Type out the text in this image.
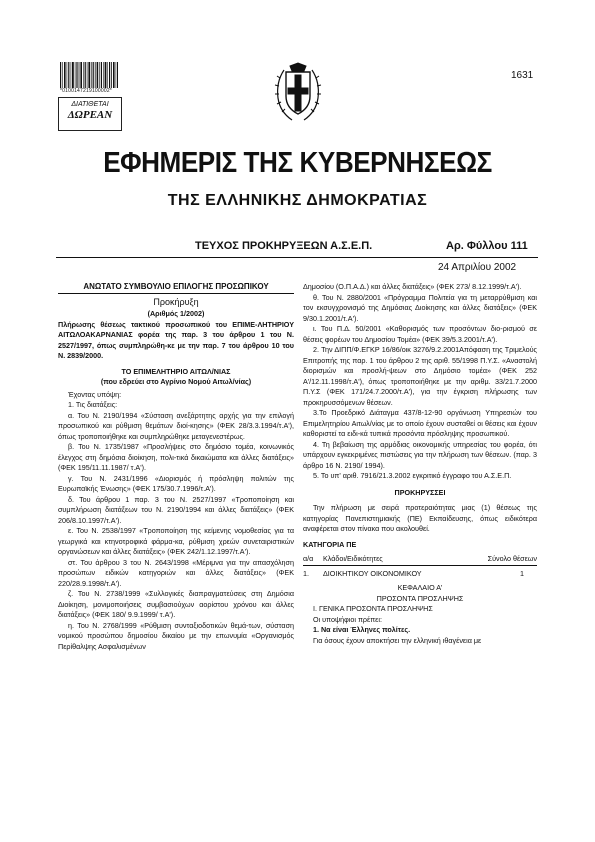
*0100147219100002*
ΔΙΑΤΙΘΕΤΑΙ
ΔΩΡΕΑΝ
1631
ΕΦΗΜΕΡΙΣ ΤΗΣ ΚΥΒΕΡΝΗΣΕΩΣ
ΤΗΣ ΕΛΛΗΝΙΚΗΣ ΔΗΜΟΚΡΑΤΙΑΣ
ΤΕΥΧΟΣ ΠΡΟΚΗΡΥΞΕΩΝ Α.Σ.Ε.Π.	Αρ. Φύλλου 111
24 Απριλίου 2002

ΑΝΩΤΑΤΟ ΣΥΜΒΟΥΛΙΟ ΕΠΙΛΟΓΗΣ ΠΡΟΣΩΠΙΚΟΥ

Προκήρυξη

(Αριθμός 1/2002)

Πλήρωσης θέσεως τακτικού προσωπικού του ΕΠΙΜΕ-ΛΗΤΗΡΙΟΥ ΑΙΤΩΛΟΑΚΑΡΝΑΝΙΑΣ φορέα της παρ. 3 του άρθρου 1 του Ν. 2527/1997, όπως συμπληρώθη-κε με την παρ. 7 του άρθρου 10 του Ν. 2839/2000.

ΤΟ ΕΠΙΜΕΛΗΤΗΡΙΟ ΑΙΤΩΛ/ΝΙΑΣ

(που εδρεύει στο Αγρίνιο Νομού Αιτωλ/νίας)

Έχοντας υπόψη:

1. Τις διατάξεις:

α. Του Ν. 2190/1994 «Σύσταση ανεξάρτητης αρχής για την επιλογή προσωπικού και ρύθμιση θεμάτων διοί-κησης» (ΦΕΚ 28/3.3.1994/τ.Α'), όπως τροποποιήθηκε και συμπληρώθηκε μεταγενεστέρως.

β. Του Ν. 1735/1987 «Προσλήψεις στο δημόσιο τομέα, κοινωνικός έλεγχος στη δημόσια διοίκηση, πολι-τικά δικαιώματα και άλλες διατάξεις» (ΦΕΚ 195/11.11.1987/ τ.Α').

γ. Του Ν. 2431/1996 «Διορισμός ή πρόσληψη πολιτών της Ευρωπαϊκής Ένωσης» (ΦΕΚ 175/30.7.1996/τ.Α').

δ. Του άρθρου 1 παρ. 3 του Ν. 2527/1997 «Τροποποίηση και συμπλήρωση διατάξεων του Ν. 2190/1994 και άλλες διατάξεις» (ΦΕΚ 206/8.10.1997/τ.Α').

ε. Του Ν. 2538/1997 «Τροποποίηση της κείμενης νομοθεσίας για τα γεωργικά και κτηνοτροφικά φάρμα-κα, ρύθμιση χρεών συνεταιριστικών οργανώσεων και άλλες διατάξεις» (ΦΕΚ 242/1.12.1997/τ.Α').

στ. Του άρθρου 3 του Ν. 2643/1998 «Μέριμνα για την απασχόληση προσώπων ειδικών κατηγοριών και άλλες διατάξεις» (ΦΕΚ 220/28.9.1998/τ.Α').

ζ. Του Ν. 2738/1999 «Συλλογικές διαπραγματεύσεις στη Δημόσια Διοίκηση, μονιμοποιήσεις συμβασιούχων αορίστου χρόνου και άλλες διατάξεις» (ΦΕΚ 180/ 9.9.1999/ τ.Α').

η. Του Ν. 2768/1999 «Ρύθμιση συνταξιοδοτικών θεμά-των, σύσταση νομικού προσώπου δημοσίου δικαίου με την επωνυμία «Οργανισμός Περίθαλψης Ασφαλισμένων

Δημοσίου (Ο.Π.Α.Δ.) και άλλες διατάξεις» (ΦΕΚ 273/ 8.12.1999/τ.Α').

θ. Του Ν. 2880/2001 «Πρόγραμμα Πολιτεία για τη μεταρρύθμιση και τον εκσυγχρονισμό της Δημόσιας Διοίκησης και άλλες διατάξεις» (ΦΕΚ 9/30.1.2001/τ.Α').

ι. Του Π.Δ. 50/2001 «Καθορισμός των προσόντων διο-ρισμού σε θέσεις φορέων του Δημοσίου Τομέα» (ΦΕΚ 39/5.3.2001/τ.Α').

2. Την ΔΙΠΠ/Φ.ΕΓΚΡ 16/86/οικ 3276/9.2.2001Απόφαση της Τριμελούς Επιτροπής της παρ. 1 του άρθρου 2 της αριθ. 55/1998 Π.Υ.Σ. «Αναστολή διορισμών και προσλή-ψεων στο Δημόσιο τομέα» (ΦΕΚ 252 Α'/12.11.1998/τ.Α'), όπως τροποποιήθηκε με την αριθμ. 33/21.7.2000 Π.Υ.Σ (ΦΕΚ 171/24.7.2000/τ.Α'), για την έγκριση πλήρωσης των προκηρυσσόμενων θέσεων.

3.Το Προεδρικό Διάταγμα 437/8-12-90 οργάνωση Υπηρεσιών του Επιμελητηρίου Αιτωλ/νίας με το οποίο έχουν συσταθεί οι θέσεις και έχουν καθοριστεί τα ειδι-κά τυπικά προσόντα πρόσληψης προσωπικού.

4. Τη βεβαίωση της αρμόδιας οικονομικής υπηρεσίας του φορέα, ότι υπάρχουν εγκεκριμένες πιστώσεις για την πλήρωση των θέσεων. (παρ. 3 άρθρο 16 Ν. 2190/ 1994).

5. Το υπ' αριθ. 7916/21.3.2002 εγκριτικό έγγραφο του Α.Σ.Ε.Π.

ΠΡΟΚΗΡΥΣΣΕΙ

Την πλήρωση με σειρά προτεραιότητας μιας (1) θέσεως της κατηγορίας Πανεπιστημιακής (ΠΕ) Εκπαίδευσης, όπως ειδικότερα αναφέρεται στον πίνακα που ακολουθεί.

ΚΑΤΗΓΟΡΙΑ ΠΕ

α/α	Κλάδοι/Ειδικότητες	Σύνολο θέσεων
1.	ΔΙΟΙΚΗΤΙΚΟΥ ΟΙΚΟΝΟΜΙΚΟΥ	1

ΚΕΦΑΛΑΙΟ Α'

ΠΡΟΣΟΝΤΑ ΠΡΟΣΛΗΨΗΣ

Ι. ΓΕΝΙΚΑ ΠΡΟΣΟΝΤΑ ΠΡΟΣΛΗΨΗΣ

Οι υποψήφιοι πρέπει:

1. Να είναι Έλληνες πολίτες.

Για όσους έχουν αποκτήσει την ελληνική ιθαγένεια με
